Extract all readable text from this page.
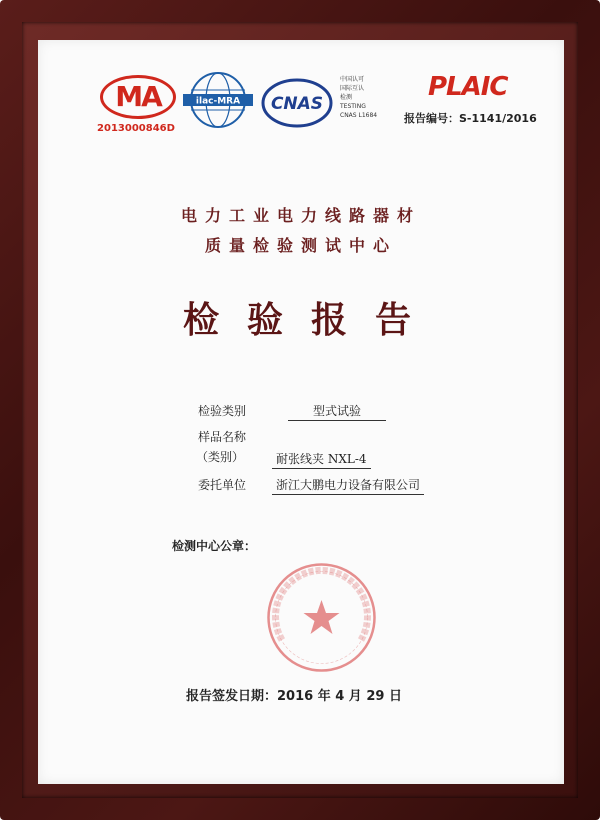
MA
2013000846D
ilac-MRA CNAS
中国认可
国际互认
检测
TESTING
CNAS L1684
PLAIC
报告编号：S-1141/2016
电力工业电力线路器材
质量检验测试中心
检验报告
检验类别	型式试验
样品名称
（类别）	耐张线夹 NXL-4
委托单位	浙江大鹏电力设备有限公司
检测中心公章：
报告签发日期：2016 年 4 月 29 日
